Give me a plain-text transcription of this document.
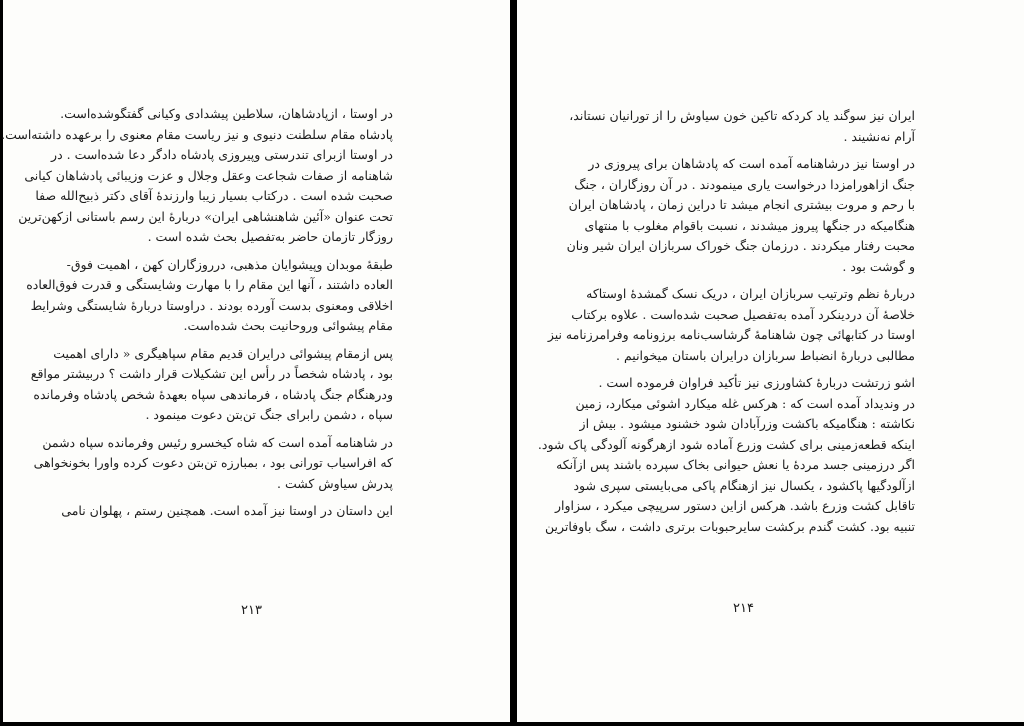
در اوستا ، ازپادشاهان، سلاطین پیشدادی وکیانی گفتگوشده‌است.
پادشاه مقام سلطنت دنیوی و نیز ریاست مقام معنوی را برعهده داشته‌است.
در اوستا ازبرای تندرستی وپیروزی پادشاه دادگر دعا شده‌است . در
شاهنامه از صفات شجاعت وعقل وجلال و عزت وزیبائی پادشاهان کیانی
صحبت شده است . درکتاب بسیار زیبا وارزندهٔ آقای دکتر ذبیح‌الله صفا
تحت عنوان «آئین شاهنشاهی ایران» دربارهٔ این رسم باستانی ازکهن‌ترین
روزگار تازمان حاضر به‌تفصیل بحث شده است .
طبقهٔ موبدان وپیشوایان مذهبی، درروزگاران کهن ، اهمیت فوق-
العاده داشتند ، آنها این مقام را با مهارت وشایستگی و قدرت فوق‌العاده
اخلاقی ومعنوی بدست آورده بودند . دراوستا دربارهٔ شایستگی وشرایط
مقام پیشوائی وروحانیت بحث شده‌است.
پس ازمقام پیشوائی درایران قدیم مقام سپاهیگری « دارای اهمیت
بود ، پادشاه شخصاً در رأس این تشکیلات قرار داشت ؟ دربیشتر مواقع
ودرهنگام جنگ پادشاه ، فرماندهی سپاه بعهدهٔ شخص پادشاه وفرمانده
سپاه ، دشمن رابرای جنگ تن‌بتن دعوت مینمود .
در شاهنامه آمده است که شاه کیخسرو رئیس وفرمانده سپاه دشمن
که افراسیاب تورانی بود ، بمبارزه تن‌بتن دعوت کرده واورا بخونخواهی
پدرش سیاوش کشت .
این داستان در اوستا نیز آمده است. همچنین رستم ، پهلوان نامی
۲۱۳
ایران نیز سوگند یاد کردکه تاکین خون سیاوش را از تورانیان نستاند،
آرام نه‌نشیند .
در اوستا نیز درشاهنامه آمده است که پادشاهان برای پیروزی در
جنگ ازاهورامزدا درخواست یاری مینمودند . در آن روزگاران ، جنگ
با رحم و مروت بیشتری انجام میشد تا دراین زمان ، پادشاهان ایران
هنگامیکه در جنگها پیروز میشدند ، نسبت باقوام مغلوب با منتهای
محبت رفتار میکردند . درزمان جنگ خوراک سربازان ایران شیر ونان
و گوشت بود .
دربارهٔ نظم وترتیب سربازان ایران ، دریک نسک گمشدهٔ اوستاکه
خلاصهٔ آن دردینکرد آمده به‌تفصیل صحبت شده‌است . علاوه برکتاب
اوستا در کتابهائی چون شاهنامهٔ گرشاسب‌نامه برزونامه وفرامرزنامه نیز
مطالبی دربارهٔ انضباط سربازان درایران باستان میخوانیم .
اشو زرتشت دربارهٔ کشاورزی نیز تأکید فراوان فرموده است .
در وندیداد آمده است که : هرکس غله میکارد اشوئی میکارد، زمین
نکاشته : هنگامیکه باکشت وزرآبادان شود خشنود میشود . بیش از
اینکه قطعه‌زمینی برای کشت وزرع آماده شود ازهرگونه آلودگی پاک شود.
اگر درزمینی جسد مردهٔ یا نعش حیوانی بخاک سپرده باشند پس ازآنکه
ازآلودگیها پاکشود ، یکسال نیز ازهنگام پاکی می‌بایستی سپری شود
تاقابل کشت وزرع باشد. هرکس ازاین دستور سرپیچی میکرد ، سزاوار
تنبیه بود. کشت گندم برکشت سایرحبوبات برتری داشت ، سگ باوفاترین
۲۱۴
